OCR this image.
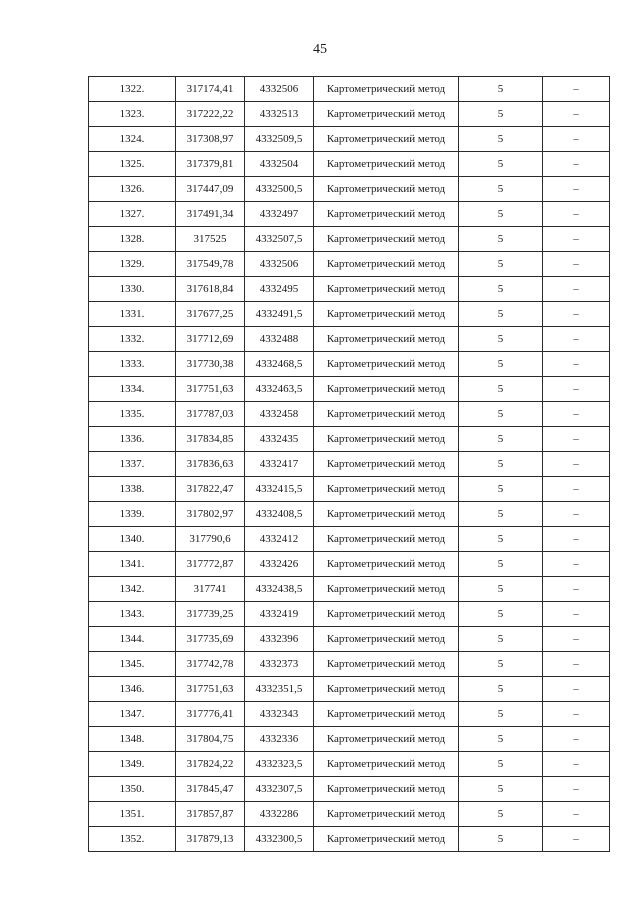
45
1322.	317174,41	4332506	Картометрический метод	5	–
1323.	317222,22	4332513	Картометрический метод	5	–
1324.	317308,97	4332509,5	Картометрический метод	5	–
1325.	317379,81	4332504	Картометрический метод	5	–
1326.	317447,09	4332500,5	Картометрический метод	5	–
1327.	317491,34	4332497	Картометрический метод	5	–
1328.	317525	4332507,5	Картометрический метод	5	–
1329.	317549,78	4332506	Картометрический метод	5	–
1330.	317618,84	4332495	Картометрический метод	5	–
1331.	317677,25	4332491,5	Картометрический метод	5	–
1332.	317712,69	4332488	Картометрический метод	5	–
1333.	317730,38	4332468,5	Картометрический метод	5	–
1334.	317751,63	4332463,5	Картометрический метод	5	–
1335.	317787,03	4332458	Картометрический метод	5	–
1336.	317834,85	4332435	Картометрический метод	5	–
1337.	317836,63	4332417	Картометрический метод	5	–
1338.	317822,47	4332415,5	Картометрический метод	5	–
1339.	317802,97	4332408,5	Картометрический метод	5	–
1340.	317790,6	4332412	Картометрический метод	5	–
1341.	317772,87	4332426	Картометрический метод	5	–
1342.	317741	4332438,5	Картометрический метод	5	–
1343.	317739,25	4332419	Картометрический метод	5	–
1344.	317735,69	4332396	Картометрический метод	5	–
1345.	317742,78	4332373	Картометрический метод	5	–
1346.	317751,63	4332351,5	Картометрический метод	5	–
1347.	317776,41	4332343	Картометрический метод	5	–
1348.	317804,75	4332336	Картометрический метод	5	–
1349.	317824,22	4332323,5	Картометрический метод	5	–
1350.	317845,47	4332307,5	Картометрический метод	5	–
1351.	317857,87	4332286	Картометрический метод	5	–
1352.	317879,13	4332300,5	Картометрический метод	5	–
